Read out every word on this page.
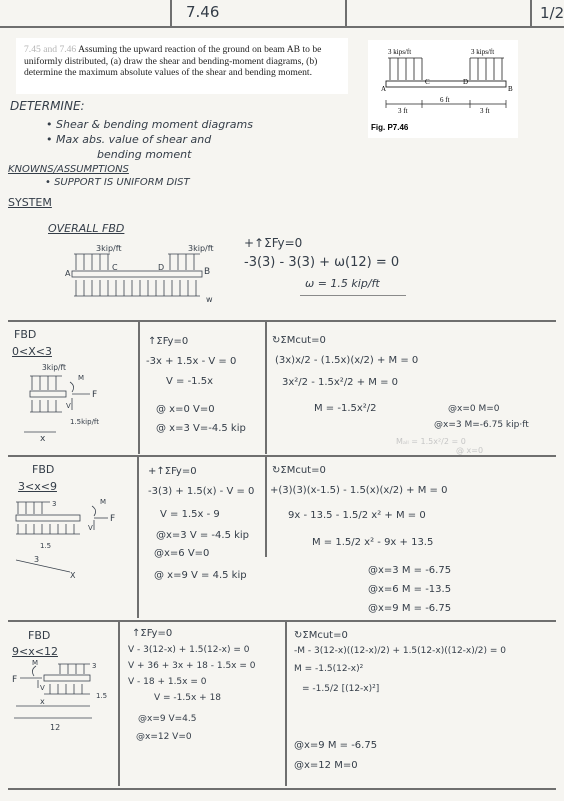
7.46	1/2
7.45 and 7.46 Assuming the upward reaction of the ground on beam AB to be uniformly distributed, (a) draw the shear and bending-moment diagrams, (b) determine the maximum absolute values of the shear and bending moment.
3 kips/ft	3 kips/ft
A	B
C	D
3 ft
6 ft
3 ft
Fig. P7.46
DETERMINE:
• Shear & bending moment diagrams
• Max abs. value of shear and
bending moment
KNOWNS/ASSUMPTIONS
• SUPPORT IS UNIFORM DIST
SYSTEM
OVERALL FBD
3kip/ft	3kip/ft
A
C	D	B
w
+↑ΣFy=0
-3(3) - 3(3) + ω(12) = 0
ω = 1.5 kip/ft
FBD
0<X<3
3kip/ft
M
V
F
1.5kip/ft
x
↑ΣFy=0
-3x + 1.5x - V = 0
V = -1.5x
@ x=0 V=0
@ x=3 V=-4.5 kip
↻ΣMcut=0
(3x)x/2 - (1.5x)(x/2) + M = 0
3x²/2 - 1.5x²/2 + M = 0
M = -1.5x²/2	@x=0 M=0
@x=3 M=-6.75 kip·ft
Mₐₗₗ = 1.5x²/2 = 0
@ x=0
FBD
3<x<9
3
1.5
M
V
F
3
X
+↑ΣFy=0
-3(3) + 1.5(x) - V = 0
V = 1.5x - 9
@x=3 V = -4.5 kip
@x=6 V=0
@ x=9 V = 4.5 kip
↻ΣMcut=0
+(3)(3)(x-1.5) - 1.5(x)(x/2) + M = 0
9x - 13.5 - 1.5/2 x² + M = 0
M = 1.5/2 x² - 9x + 13.5
@x=3 M = -6.75
@x=6 M = -13.5
@x=9 M = -6.75
FBD
9<x<12
3
1.5
M
V
F
x
12
↑ΣFy=0
V - 3(12-x) + 1.5(12-x) = 0
V + 36 + 3x + 18 - 1.5x = 0
V - 18 + 1.5x = 0
V = -1.5x + 18
@x=9 V=4.5
@x=12 V=0
↻ΣMcut=0
-M - 3(12-x)((12-x)/2) + 1.5(12-x)((12-x)/2) = 0
M = -1.5(12-x)²
= -1.5/2 [(12-x)²]
@x=9 M = -6.75
@x=12 M=0
